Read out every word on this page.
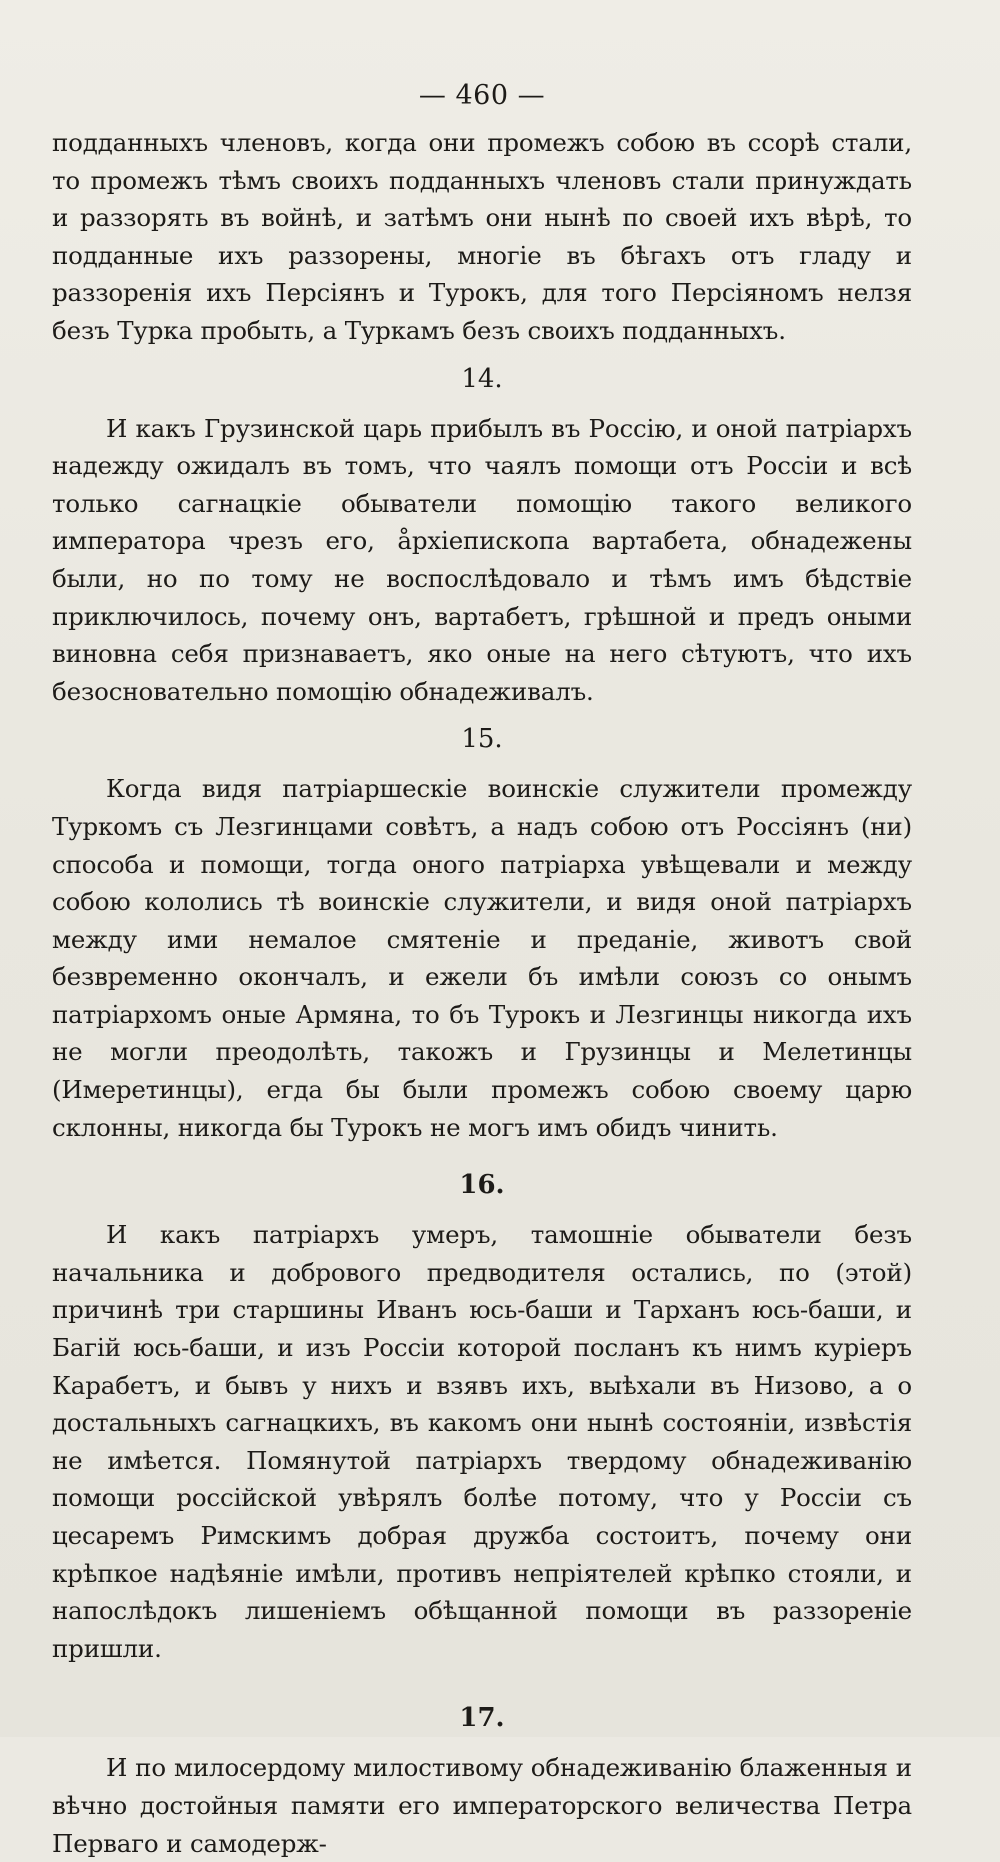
— 460 —

подданныхъ членовъ, когда они промежъ собою въ ссорѣ стали, то промежъ тѣмъ своихъ подданныхъ членовъ стали принуждать и раззорять въ войнѣ, и затѣмъ они нынѣ по своей ихъ вѣрѣ, то подданные ихъ раззорены, многiе въ бѣгахъ отъ гладу и раззоренiя ихъ Персiянъ и Турокъ, для того Персiяномъ нелзя безъ Турка пробыть, а Туркамъ безъ своихъ подданныхъ.

14.

И какъ Грузинской царь прибылъ въ Россiю, и оной патрiархъ надежду ожидалъ въ томъ, что чаялъ помощи отъ Россiи и всѣ только сагнацкiе обыватели помощiю такого великого императора чрезъ его, а̊рхiепископа вартабета, обнадежены были, но по тому не воспослѣдовало и тѣмъ имъ бѣдствiе приключилось, почему онъ, вартабетъ, грѣшной и предъ оными виновна себя признаваетъ, яко оные на него сѣтуютъ, что ихъ безосновательно помощiю обнадеживалъ.

15.

Когда видя патрiаршескiе воинскiе служители промежду Туркомъ съ Лезгинцами совѣтъ, а надъ собою отъ Россiянъ (ни) способа и помощи, тогда оного патрiарха увѣщевали и между собою кололись тѣ воинскiе служители, и видя оной патрiархъ между ими немалое смятенiе и преданiе, животъ свой безвременно окончалъ, и ежели бъ имѣли союзъ со онымъ патрiархомъ оные Армяна, то бъ Турокъ и Лезгинцы никогда ихъ не могли преодолѣть, такожъ и Грузинцы и Мелетинцы (Имеретинцы), егда бы были промежъ собою своему царю склонны, никогда бы Турокъ не могъ имъ обидъ чинить.

16.

И какъ патрiархъ умеръ, тамошнiе обыватели безъ начальника и добрового предводителя остались, по (этой) причинѣ три старшины Иванъ юсь-баши и Тарханъ юсь-баши, и Багiй юсь-баши, и изъ Россiи которой посланъ къ нимъ курiеръ Карабетъ, и бывъ у нихъ и взявъ ихъ, выѣхали въ Низово, а о достальныхъ сагнацкихъ, въ какомъ они нынѣ состоянiи, извѣстiя не имѣется. Помянутой патрiархъ твердому обнадеживанiю помощи россiйской увѣрялъ болѣе потому, что у Россiи съ цесаремъ Римскимъ добрая дружба состоитъ, почему они крѣпкое надѣянiе имѣли, противъ непрiятелей крѣпко стояли, и напослѣдокъ лишенiемъ обѣщанной помощи въ раззоренiе пришли.

17.

И по милосердому милостивому обнадеживанiю блаженныя и вѣчно достойныя памяти его императорского величества Петра Перваго и самодерж-
